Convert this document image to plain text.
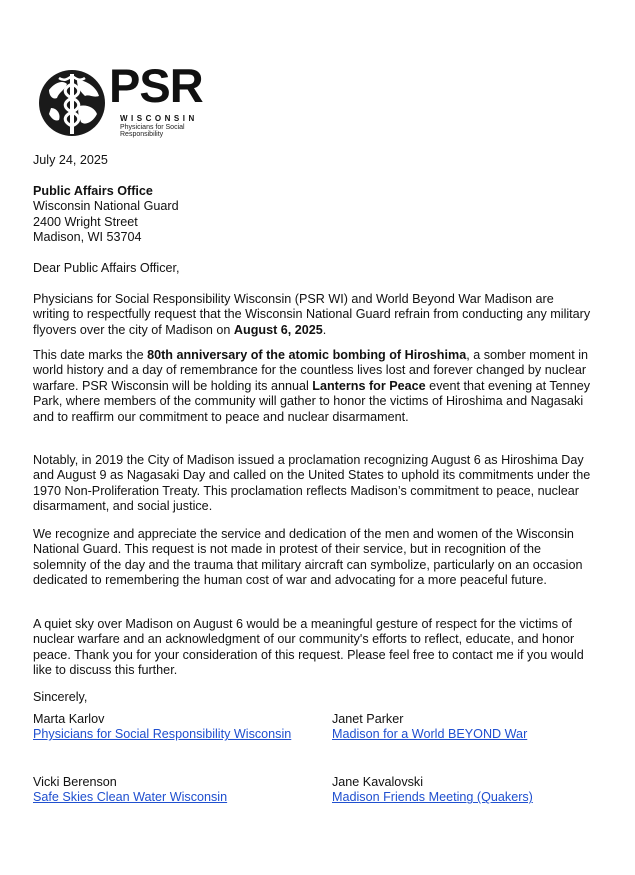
PSR
WISCONSIN
Physicians for Social Responsibility
July 24, 2025

Public Affairs Office

Wisconsin National Guard

2400 Wright Street

Madison, WI 53704

Dear Public Affairs Officer,

Physicians for Social Responsibility Wisconsin (PSR WI) and World Beyond War Madison are writing to respectfully request that the Wisconsin National Guard refrain from conducting any military flyovers over the city of Madison on August 6, 2025.

This date marks the 80th anniversary of the atomic bombing of Hiroshima, a somber moment in world history and a day of remembrance for the countless lives lost and forever changed by nuclear warfare. PSR Wisconsin will be holding its annual Lanterns for Peace event that evening at Tenney Park, where members of the community will gather to honor the victims of Hiroshima and Nagasaki and to reaffirm our commitment to peace and nuclear disarmament.

Notably, in 2019 the City of Madison issued a proclamation recognizing August 6 as Hiroshima Day and August 9 as Nagasaki Day and called on the United States to uphold its commitments under the 1970 Non-Proliferation Treaty. This proclamation reflects Madison’s commitment to peace, nuclear disarmament, and social justice.

We recognize and appreciate the service and dedication of the men and women of the Wisconsin National Guard. This request is not made in protest of their service, but in recognition of the solemnity of the day and the trauma that military aircraft can symbolize, particularly on an occasion dedicated to remembering the human cost of war and advocating for a more peaceful future.

A quiet sky over Madison on August 6 would be a meaningful gesture of respect for the victims of nuclear warfare and an acknowledgment of our community's efforts to reflect, educate, and honor peace. Thank you for your consideration of this request. Please feel free to contact me if you would like to discuss this further.

Sincerely,
Marta Karlov
Physicians for Social Responsibility Wisconsin
Janet Parker
Madison for a World BEYOND War
Vicki Berenson
Safe Skies Clean Water Wisconsin
Jane Kavalovski
Madison Friends Meeting (Quakers)
